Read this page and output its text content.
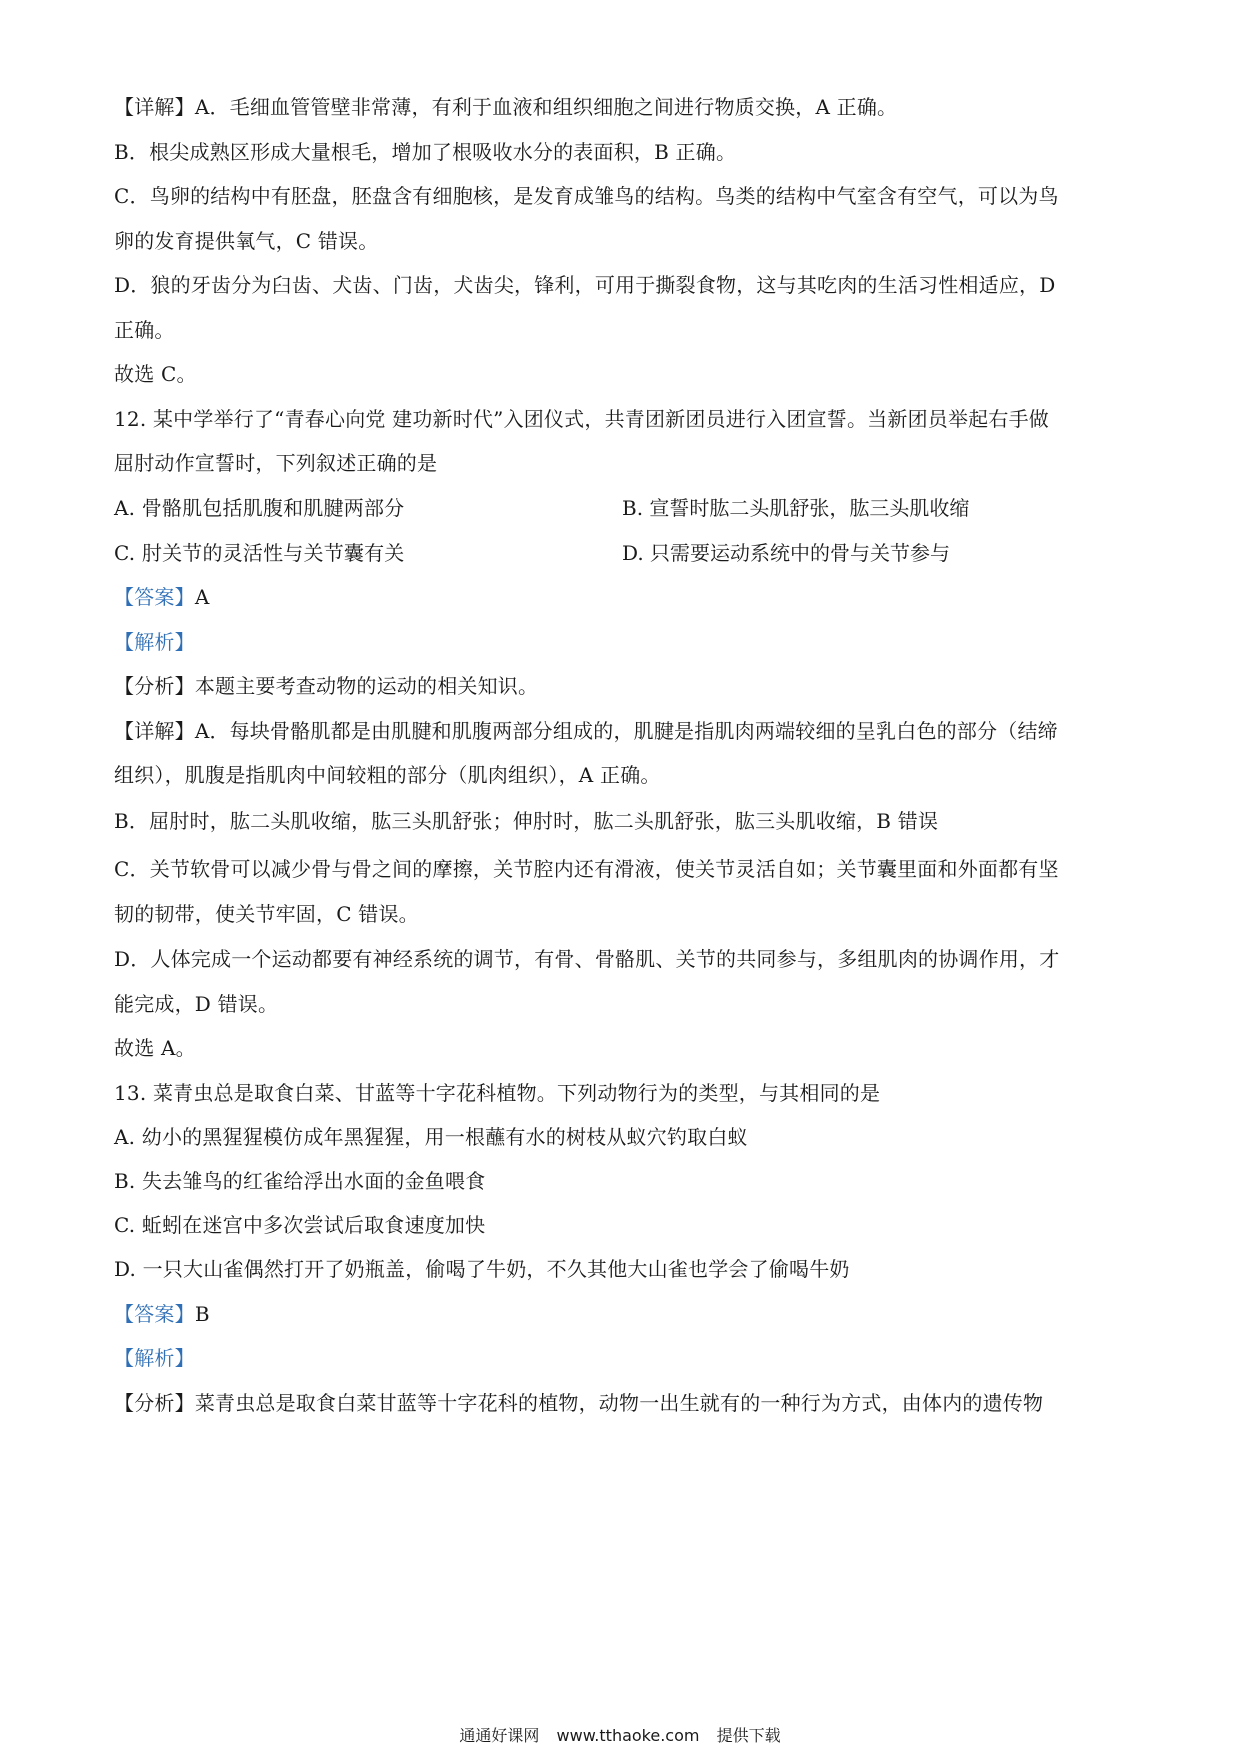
【详解】A．毛细血管管壁非常薄，有利于血液和组织细胞之间进行物质交换，A 正确。
B．根尖成熟区形成大量根毛，增加了根吸收水分的表面积，B 正确。
C．鸟卵的结构中有胚盘，胚盘含有细胞核，是发育成雏鸟的结构。鸟类的结构中气室含有空气，可以为鸟
卵的发育提供氧气，C 错误。
D．狼的牙齿分为臼齿、犬齿、门齿，犬齿尖，锋利，可用于撕裂食物，这与其吃肉的生活习性相适应，D
正确。
故选 C。
12. 某中学举行了“青春心向党 建功新时代”入团仪式，共青团新团员进行入团宣誓。当新团员举起右手做
屈肘动作宣誓时，下列叙述正确的是
A. 骨骼肌包括肌腹和肌腱两部分	B. 宣誓时肱二头肌舒张，肱三头肌收缩
C. 肘关节的灵活性与关节囊有关	D. 只需要运动系统中的骨与关节参与
【答案】A
【解析】
【分析】本题主要考查动物的运动的相关知识。
【详解】A．每块骨骼肌都是由肌腱和肌腹两部分组成的，肌腱是指肌肉两端较细的呈乳白色的部分（结缔
组织），肌腹是指肌肉中间较粗的部分（肌肉组织），A 正确。
B．屈肘时，肱二头肌收缩，肱三头肌舒张；伸肘时，肱二头肌舒张，肱三头肌收缩，B 错误
C．关节软骨可以减少骨与骨之间的摩擦，关节腔内还有滑液，使关节灵活自如；关节囊里面和外面都有坚
韧的韧带，使关节牢固，C 错误。
D．人体完成一个运动都要有神经系统的调节，有骨、骨骼肌、关节的共同参与，多组肌肉的协调作用，才
能完成，D 错误。
故选 A。
13. 菜青虫总是取食白菜、甘蓝等十字花科植物。下列动物行为的类型，与其相同的是
A. 幼小的黑猩猩模仿成年黑猩猩，用一根蘸有水的树枝从蚁穴钓取白蚁
B. 失去雏鸟的红雀给浮出水面的金鱼喂食
C. 蚯蚓在迷宫中多次尝试后取食速度加快
D. 一只大山雀偶然打开了奶瓶盖，偷喝了牛奶，不久其他大山雀也学会了偷喝牛奶
【答案】B
【解析】
【分析】菜青虫总是取食白菜甘蓝等十字花科的植物，动物一出生就有的一种行为方式，由体内的遗传物
通通好课网 www.tthaoke.com 提供下载
